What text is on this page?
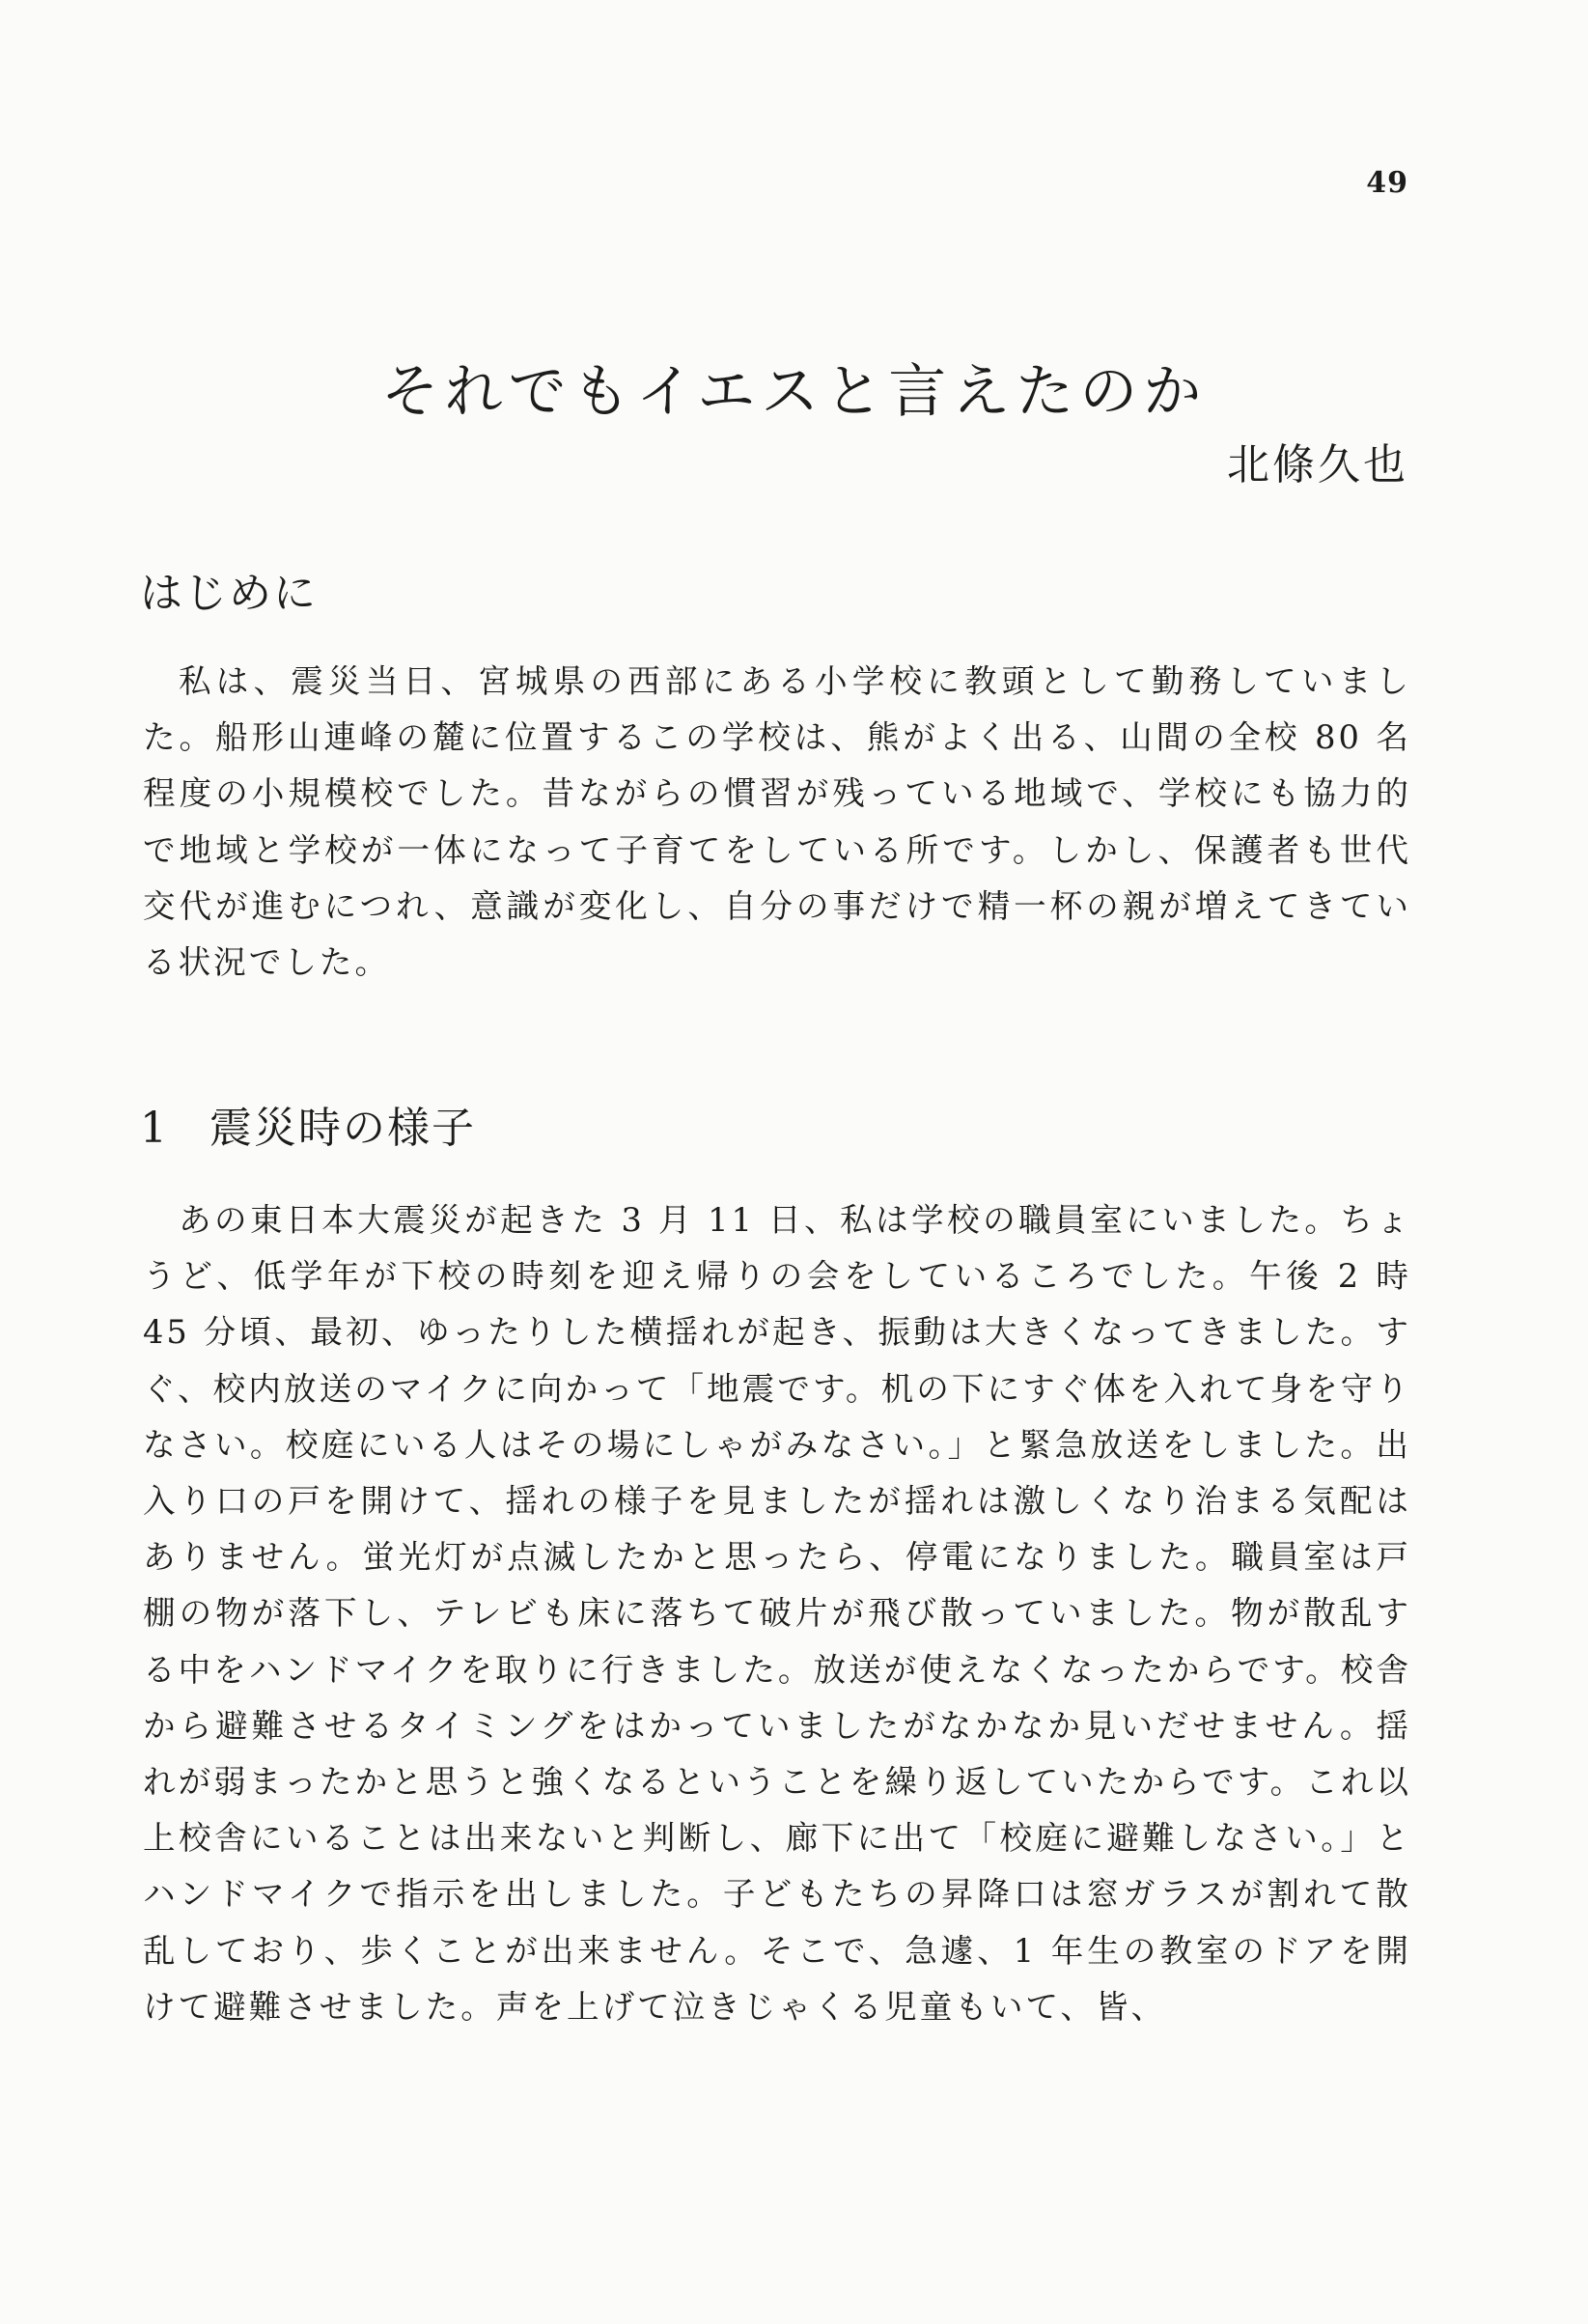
49
それでもイエスと言えたのか
北條久也
はじめに

私は、震災当日、宮城県の西部にある小学校に教頭として勤務していました。船形山連峰の麓に位置するこの学校は、熊がよく出る、山間の全校 80 名程度の小規模校でした。昔ながらの慣習が残っている地域で、学校にも協力的で地域と学校が一体になって子育てをしている所です。しかし、保護者も世代交代が進むにつれ、意識が変化し、自分の事だけで精一杯の親が増えてきている状況でした。

1 震災時の様子

あの東日本大震災が起きた 3 月 11 日、私は学校の職員室にいました。ちょうど、低学年が下校の時刻を迎え帰りの会をしているころでした。午後 2 時 45 分頃、最初、ゆったりした横揺れが起き、振動は大きくなってきました。すぐ、校内放送のマイクに向かって「地震です。机の下にすぐ体を入れて身を守りなさい。校庭にいる人はその場にしゃがみなさい。」と緊急放送をしました。出入り口の戸を開けて、揺れの様子を見ましたが揺れは激しくなり治まる気配はありません。蛍光灯が点滅したかと思ったら、停電になりました。職員室は戸棚の物が落下し、テレビも床に落ちて破片が飛び散っていました。物が散乱する中をハンドマイクを取りに行きました。放送が使えなくなったからです。校舎から避難させるタイミングをはかっていましたがなかなか見いだせません。揺れが弱まったかと思うと強くなるということを繰り返していたからです。これ以上校舎にいることは出来ないと判断し、廊下に出て「校庭に避難しなさい。」とハンドマイクで指示を出しました。子どもたちの昇降口は窓ガラスが割れて散乱しており、歩くことが出来ません。そこで、急遽、1 年生の教室のドアを開けて避難させました。声を上げて泣きじゃくる児童もいて、皆、
